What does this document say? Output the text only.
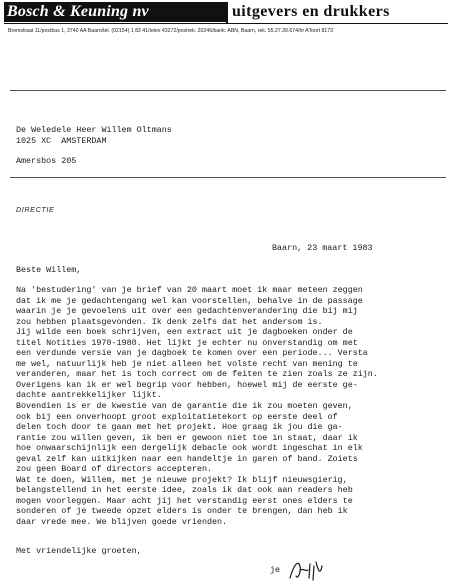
Bosch & Keuning nv	uitgevers en drukkers
Bremstraat 11/postbus 1, 3740 AA Baarn/tel. (02154) 1 82 41/telex 43272/postrek. 20246/bank: ABN, Baarn, rek. 55.27.39.674/hr A'foort 8173

De Weledele Heer Willem Oltmans

Amersbos 205

1025 XC  AMSTERDAM
DIRECTIE
Baarn, 23 maart 1983
Beste Willem,
Na 'bestudering' van je brief van 20 maart moet ik maar meteen zeggen
dat ik me je gedachtengang wel kan voorstellen, behalve in de passage
waarin je je gevoelens uit over een gedachtenverandering die bij mij
zou hebben plaatsgevonden. Ik denk zelfs dat het andersom is.
Jij wilde een boek schrijven, een extract uit je dagboeken onder de
titel Notities 1970-1980. Het lijkt je echter nu onverstandig om met
een verdunde versie van je dagboek te komen over een periode... Versta
me wel, natuurlijk heb je niet alleen het volste recht van mening te
veranderen, maar het is toch correct om de feiten te zien zoals ze zijn.
Overigens kan ik er wel begrip voor hebben, hoewel mij de eerste ge-
dachte aantrekkelijker lijkt.
Bovendien is er de kwestie van de garantie die ik zou moeten geven,
ook bij een onverhoopt groot exploitatietekort op eerste deel of
delen toch door te gaan met het projekt. Hoe graag ik jou die ga-
rantie zou willen geven, ik ben er gewoon niet toe in staat, daar ik
hoe onwaarschijnlijk een dergelijk debacle ook wordt ingeschat in elk
geval zelf kan uitkijken naar een handeltje in garen of band. Zoiets
zou geen Board of directors accepteren.
Wat te doen, Willem, met je nieuwe projekt? Ik blijf nieuwsgierig,
belangstellend in het eerste idee, zoals ik dat ook aan readers heb
mogen voorleggen. Maar acht jij het verstandig eerst ones elders te
sonderen of je tweede opzet elders is onder te brengen, dan heb ik
daar vrede mee. We blijven goede vrienden.
Met vriendelijke groeten,
je
